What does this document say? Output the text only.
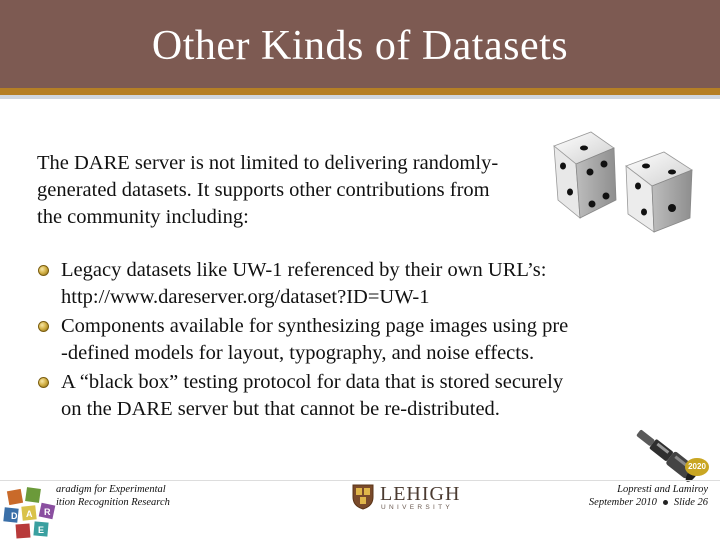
Other Kinds of Datasets

The DARE server is not limited to delivering randomly-generated datasets. It supports other contributions from the community including:

Legacy datasets like UW-1 referenced by their own URL’s:
http://www.dareserver.org/dataset?ID=UW-1
Components available for synthesizing page images using pre
-defined models for layout, typography, and noise effects.
A “black box” testing protocol for data that is stored securely
on the DARE server but that cannot be re-distributed.
2020
D A R
E
aradigm for Experimental
ition Recognition Research	LEHIGH
UNIVERSITY
Lopresti and Lamiroy
September 2010 Slide 26
